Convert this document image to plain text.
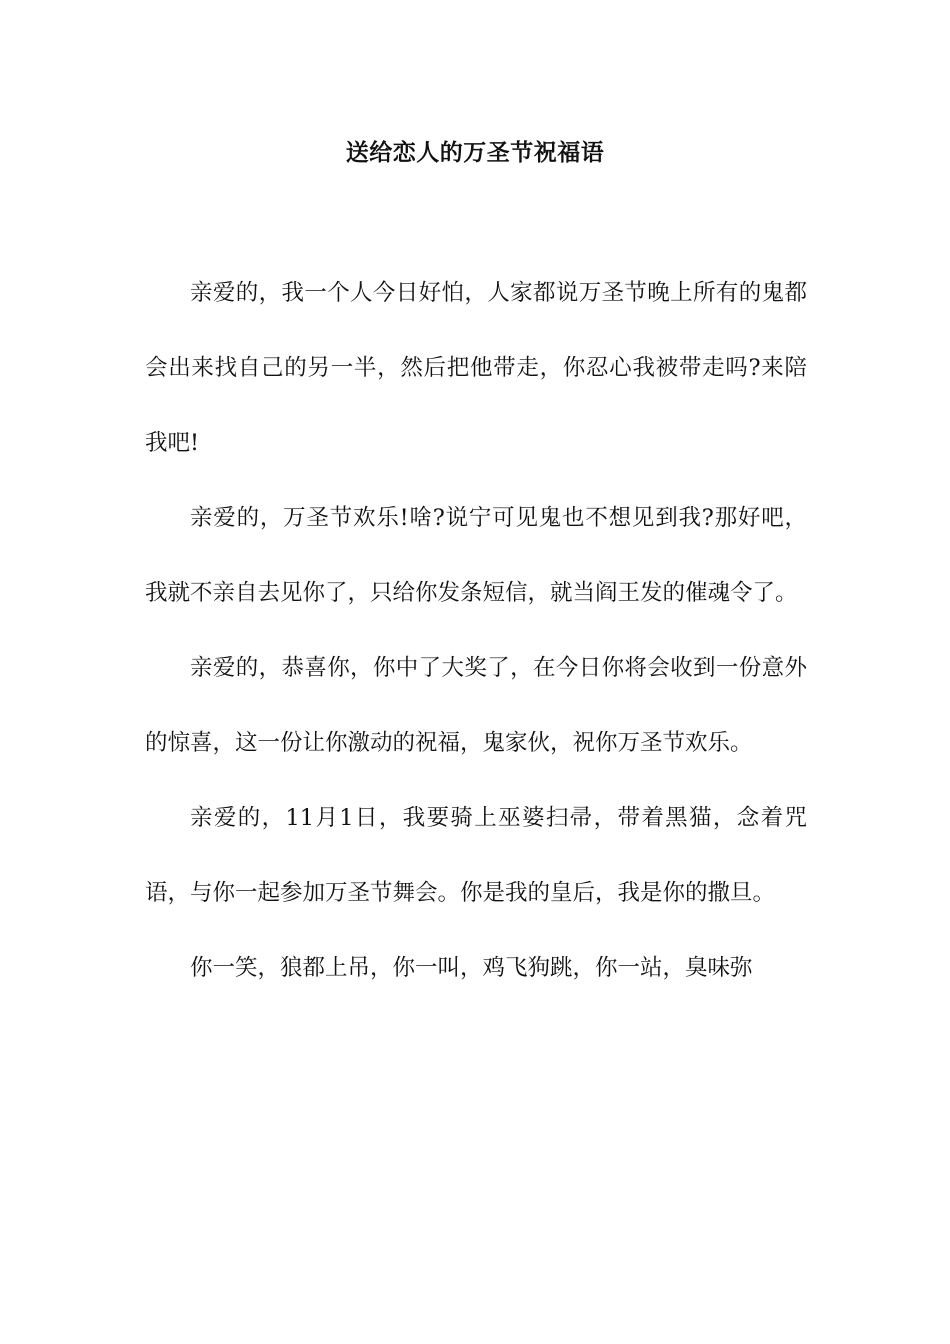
送给恋人的万圣节祝福语

亲爱的，我一个人今日好怕，人家都说万圣节晚上所有的鬼都会出来找自己的另一半，然后把他带走，你忍心我被带走吗?来陪我吧!

亲爱的，万圣节欢乐!啥?说宁可见鬼也不想见到我?那好吧，我就不亲自去见你了，只给你发条短信，就当阎王发的催魂令了。

亲爱的，恭喜你，你中了大奖了，在今日你将会收到一份意外的惊喜，这一份让你激动的祝福，鬼家伙，祝你万圣节欢乐。

亲爱的，11月1日，我要骑上巫婆扫帚，带着黑猫，念着咒语，与你一起参加万圣节舞会。你是我的皇后，我是你的撒旦。

你一笑，狼都上吊，你一叫，鸡飞狗跳，你一站，臭味弥
